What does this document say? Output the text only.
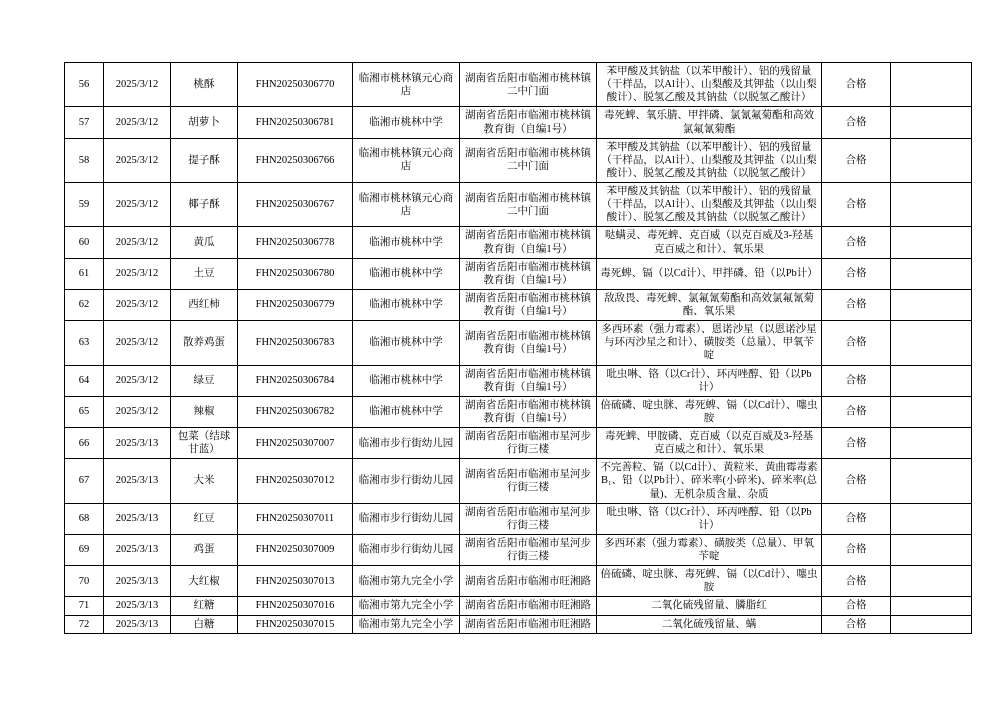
56	2025/3/12	桃酥	FHN20250306770	临湘市桃林镇元心商店	湖南省岳阳市临湘市桃林镇二中门面	苯甲酸及其钠盐（以苯甲酸计）、铝的残留量（干样品，以Al计）、山梨酸及其钾盐（以山梨酸计）、脱氢乙酸及其钠盐（以脱氢乙酸计）	合格	
57	2025/3/12	胡萝卜	FHN20250306781	临湘市桃林中学	湖南省岳阳市临湘市桃林镇教育街（自编1号）	毒死蜱、氧乐腈、甲拌磷、氯氰氟菊酯和高效氯氟氰菊酯	合格	
58	2025/3/12	提子酥	FHN20250306766	临湘市桃林镇元心商店	湖南省岳阳市临湘市桃林镇二中门面	苯甲酸及其钠盐（以苯甲酸计）、铝的残留量（干样品，以Al计）、山梨酸及其钾盐（以山梨酸计）、脱氢乙酸及其钠盐（以脱氢乙酸计）	合格	
59	2025/3/12	椰子酥	FHN20250306767	临湘市桃林镇元心商店	湖南省岳阳市临湘市桃林镇二中门面	苯甲酸及其钠盐（以苯甲酸计）、铝的残留量（干样品，以Al计）、山梨酸及其钾盐（以山梨酸计）、脱氢乙酸及其钠盐（以脱氢乙酸计）	合格	
60	2025/3/12	黄瓜	FHN20250306778	临湘市桃林中学	湖南省岳阳市临湘市桃林镇教育街（自编1号）	哒螨灵、毒死蜱、克百威（以克百威及3-羟基克百威之和计）、氧乐果	合格	
61	2025/3/12	土豆	FHN20250306780	临湘市桃林中学	湖南省岳阳市临湘市桃林镇教育街（自编1号）	毒死蜱、镉（以Cd计）、甲拌磷、铅（以Pb计）	合格	
62	2025/3/12	西红柿	FHN20250306779	临湘市桃林中学	湖南省岳阳市临湘市桃林镇教育街（自编1号）	敌敌畏、毒死蜱、氯氟氰菊酯和高效氯氟氰菊酯、氧乐果	合格	
63	2025/3/12	散养鸡蛋	FHN20250306783	临湘市桃林中学	湖南省岳阳市临湘市桃林镇教育街（自编1号）	多西环素（强力霉素）、恩诺沙星（以恩诺沙星与环丙沙星之和计）、磺胺类（总量）、甲氧苄啶	合格	
64	2025/3/12	绿豆	FHN20250306784	临湘市桃林中学	湖南省岳阳市临湘市桃林镇教育街（自编1号）	吡虫啉、铬（以Cr计）、环丙唑醇、铅（以Pb计）	合格	
65	2025/3/12	辣椒	FHN20250306782	临湘市桃林中学	湖南省岳阳市临湘市桃林镇教育街（自编1号）	倍硫磷、啶虫脒、毒死蜱、镉（以Cd计）、噻虫胺	合格	
66	2025/3/13	包菜（结球甘蓝）	FHN20250307007	临湘市步行街幼儿园	湖南省岳阳市临湘市星河步行街三楼	毒死蜱、甲胺磷、克百威（以克百威及3-羟基克百威之和计）、氧乐果	合格	
67	2025/3/13	大米	FHN20250307012	临湘市步行街幼儿园	湖南省岳阳市临湘市星河步行街三楼	不完善粒、镉（以Cd计）、黄粒米、黄曲霉毒素B₁、铅（以Pb计）、碎米率(小碎米)、碎米率(总量)、无机杂质含量、杂质	合格	
68	2025/3/13	红豆	FHN20250307011	临湘市步行街幼儿园	湖南省岳阳市临湘市星河步行街三楼	吡虫啉、铬（以Cr计）、环丙唑醇、铅（以Pb计）	合格	
69	2025/3/13	鸡蛋	FHN20250307009	临湘市步行街幼儿园	湖南省岳阳市临湘市星河步行街三楼	多西环素（强力霉素）、磺胺类（总量）、甲氧苄啶	合格	
70	2025/3/13	大红椒	FHN20250307013	临湘市第九完全小学	湖南省岳阳市临湘市旺湘路	倍硫磷、啶虫脒、毒死蜱、镉（以Cd计）、噻虫胺	合格	
71	2025/3/13	红糖	FHN20250307016	临湘市第九完全小学	湖南省岳阳市临湘市旺湘路	二氧化硫残留量、膦脂红	合格	
72	2025/3/13	白糖	FHN20250307015	临湘市第九完全小学	湖南省岳阳市临湘市旺湘路	二氧化硫残留量、螨	合格	
